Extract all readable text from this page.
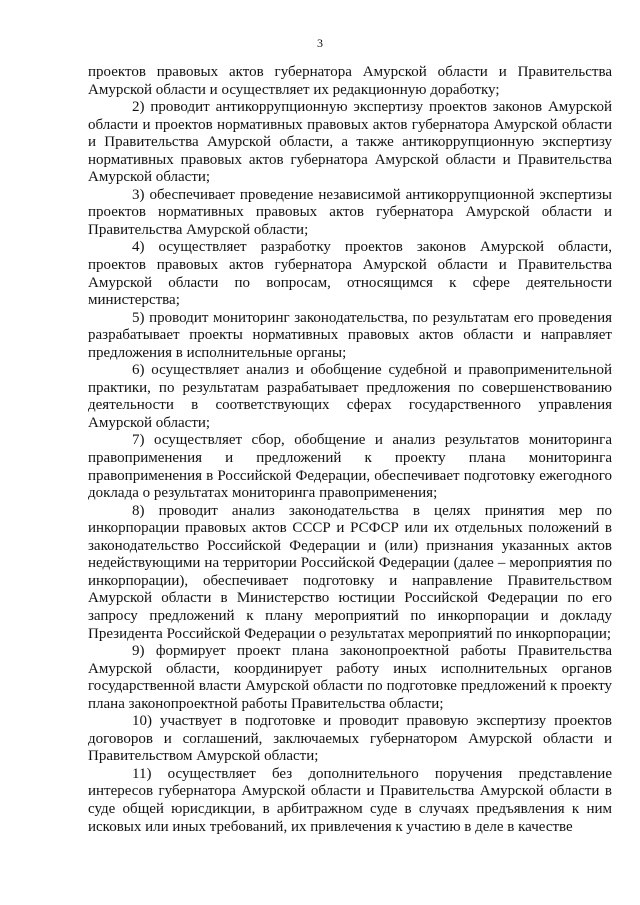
3

проектов правовых актов губернатора Амурской области и Правительства Амурской области и осуществляет их редакционную доработку;

2) проводит антикоррупционную экспертизу проектов законов Амурской области и проектов нормативных правовых актов губернатора Амурской области и Правительства Амурской области, а также антикоррупционную экспертизу нормативных правовых актов губернатора Амурской области и Правительства Амурской области;

3) обеспечивает проведение независимой антикоррупционной экспертизы проектов нормативных правовых актов губернатора Амурской области и Правительства Амурской области;

4) осуществляет разработку проектов законов Амурской области, проектов правовых актов губернатора Амурской области и Правительства Амурской области по вопросам, относящимся к сфере деятельности министерства;

5) проводит мониторинг законодательства, по результатам его проведения разрабатывает проекты нормативных правовых актов области и направляет предложения в исполнительные органы;

6) осуществляет анализ и обобщение судебной и правоприменительной практики, по результатам разрабатывает предложения по совершенствованию деятельности в соответствующих сферах государственного управления Амурской области;

7) осуществляет сбор, обобщение и анализ результатов мониторинга правоприменения и предложений к проекту плана мониторинга правоприменения в Российской Федерации, обеспечивает подготовку ежегодного доклада о результатах мониторинга правоприменения;

8) проводит анализ законодательства в целях принятия мер по инкорпорации правовых актов СССР и РСФСР или их отдельных положений в законодательство Российской Федерации и (или) признания указанных актов недействующими на территории Российской Федерации (далее – мероприятия по инкорпорации), обеспечивает подготовку и направление Правительством Амурской области в Министерство юстиции Российской Федерации по его запросу предложений к плану мероприятий по инкорпорации и докладу Президента Российской Федерации о результатах мероприятий по инкорпорации;

9) формирует проект плана законопроектной работы Правительства Амурской области, координирует работу иных исполнительных органов государственной власти Амурской области по подготовке предложений к проекту плана законопроектной работы Правительства области;

10) участвует в подготовке и проводит правовую экспертизу проектов договоров и соглашений, заключаемых губернатором Амурской области и Правительством Амурской области;

11) осуществляет без дополнительного поручения представление интересов губернатора Амурской области и Правительства Амурской области в суде общей юрисдикции, в арбитражном суде в случаях предъявления к ним исковых или иных требований, их привлечения к участию в деле в качестве
